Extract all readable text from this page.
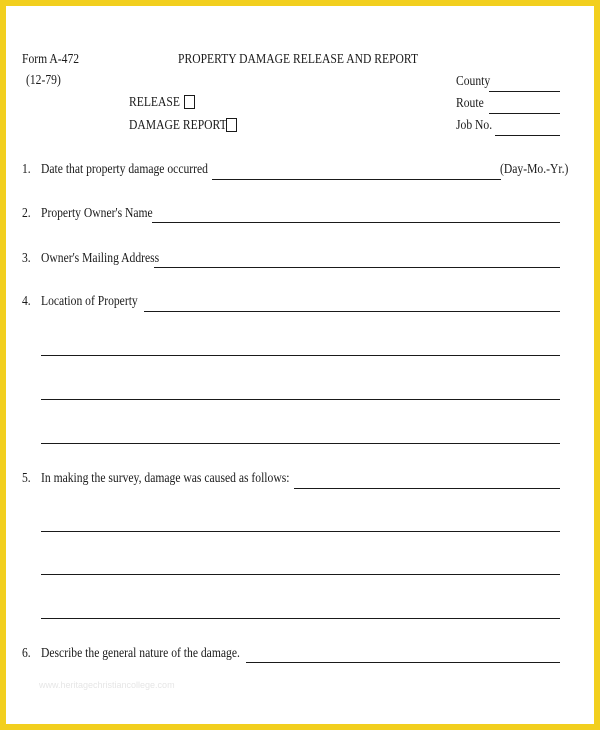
Form A-472
(12-79)
PROPERTY DAMAGE RELEASE AND REPORT
RELEASE
DAMAGE REPORT
County
Route
Job No.
1. Date that property damage occurred	(Day-Mo.-Yr.)
2. Property Owner's Name
3. Owner's Mailing Address
4. Location of Property
5. In making the survey, damage was caused as follows:
6. Describe the general nature of the damage.
www.heritagechristiancollege.com
